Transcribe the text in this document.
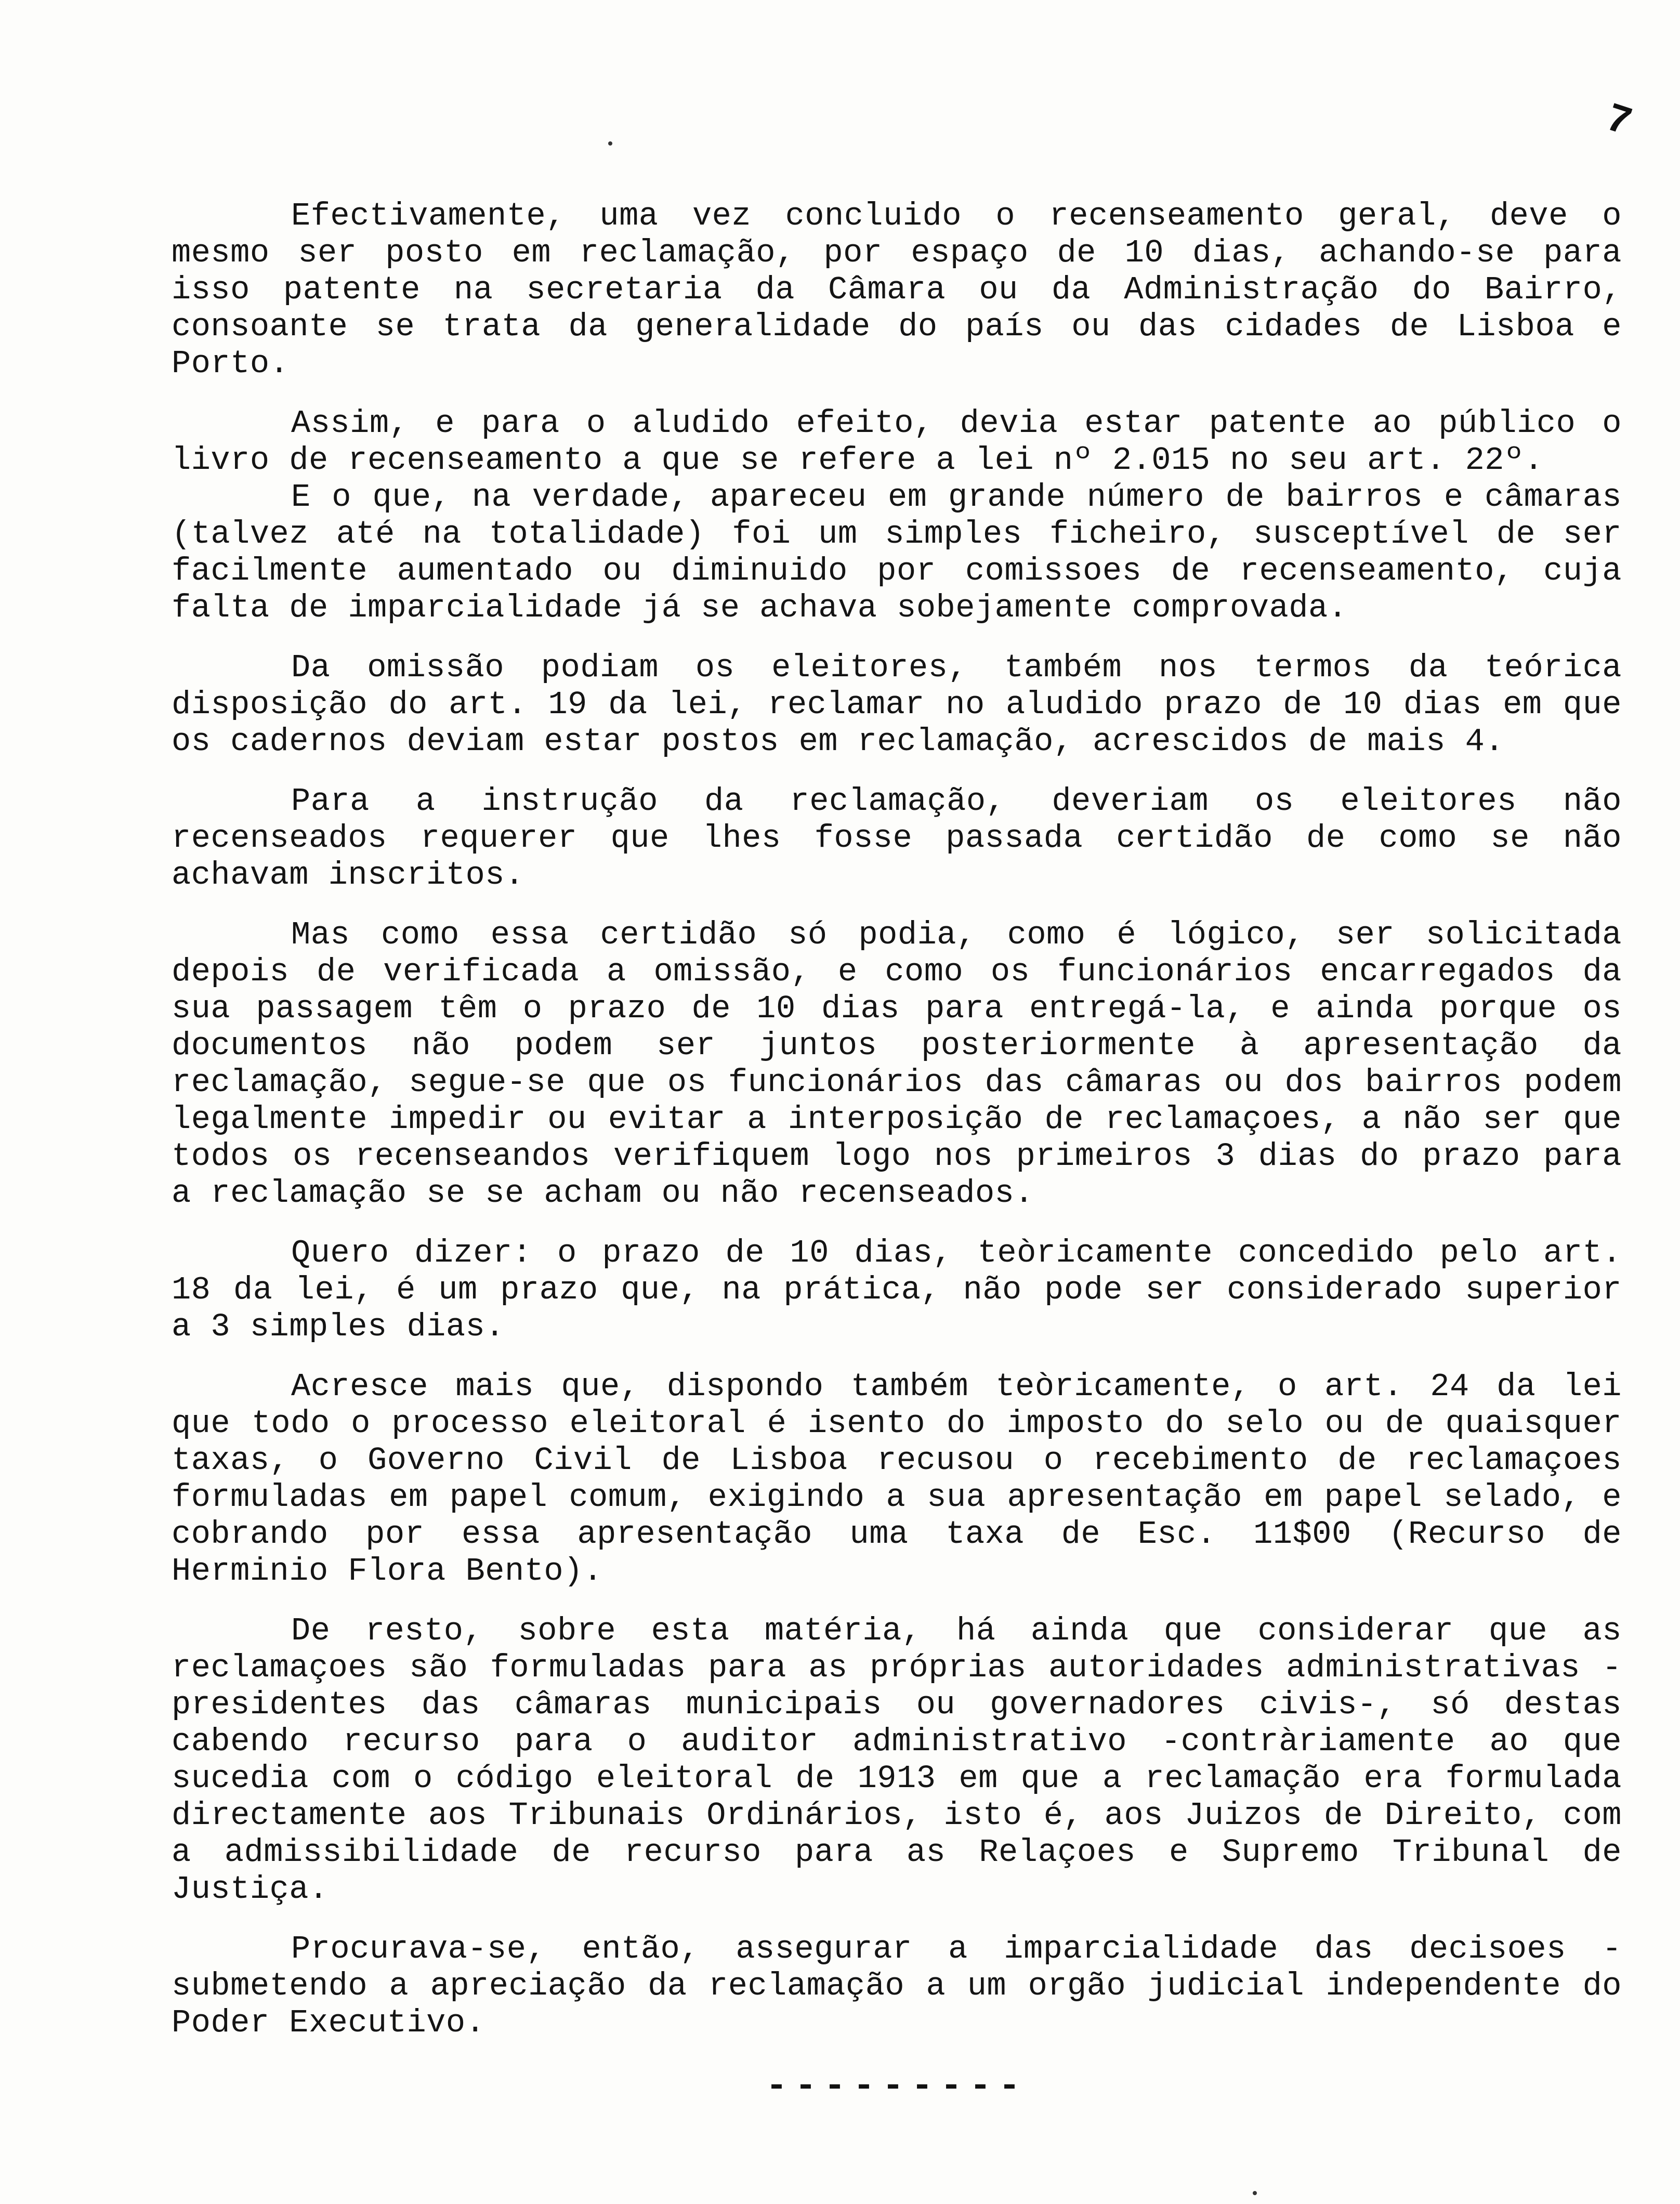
7

Efectivamente, uma vez concluido o recenseamento geral, deve o mesmo ser posto em reclamação, por espaço de 10 dias, achando-se para isso patente na secretaria da Câmara ou da Administração do Bairro, consoante se trata da generalidade do país ou das cidades de Lisboa e Porto.

Assim, e para o aludido efeito, devia estar patente ao público o livro de recenseamento a que se refere a lei nº 2.015 no seu art. 22º.

E o que, na verdade, apareceu em grande número de bairros e câmaras (talvez até na totalidade) foi um simples ficheiro, susceptível de ser facilmente aumentado ou diminuido por comissoes de recenseamento, cuja falta de imparcialidade já se achava sobejamente comprovada.

Da omissão podiam os eleitores, também nos termos da teórica disposição do art. 19 da lei, reclamar no aludido prazo de 10 dias em que os cadernos deviam estar postos em reclamação, acrescidos de mais 4.

Para a instrução da reclamação, deveriam os eleitores não recenseados requerer que lhes fosse passada certidão de como se não achavam inscritos.

Mas como essa certidão só podia, como é lógico, ser solicitada depois de verificada a omissão, e como os funcionários encarregados da sua passagem têm o prazo de 10 dias para entregá-la, e ainda porque os documentos não podem ser juntos posteriormente à apresentação da reclamação, segue-se que os funcionários das câmaras ou dos bairros podem legalmente impedir ou evitar a interposição de reclamaçoes, a não ser que todos os recenseandos verifiquem logo nos primeiros 3 dias do prazo para a reclamação se se acham ou não recenseados.

Quero dizer: o prazo de 10 dias, teòricamente concedido pelo art. 18 da lei, é um prazo que, na prática, não pode ser considerado superior a 3 simples dias.

Acresce mais que, dispondo também teòricamente, o art. 24 da lei que todo o processo eleitoral é isento do imposto do selo ou de quaisquer taxas, o Governo Civil de Lisboa recusou o recebimento de reclamaçoes formuladas em papel comum, exigindo a sua apresentação em papel selado, e cobrando por essa apresentação uma taxa de Esc. 11$00 (Recurso de Herminio Flora Bento).

De resto, sobre esta matéria, há ainda que considerar que as reclamaçoes são formuladas para as próprias autoridades administrativas -presidentes das câmaras municipais ou governadores civis-, só destas cabendo recurso para o auditor administrativo -contràriamente ao que sucedia com o código eleitoral de 1913 em que a reclamação era formulada directamente aos Tribunais Ordinários, isto é, aos Juizos de Direito, com a admissibilidade de recurso para as Relaçoes e Supremo Tribunal de Justiça.

Procurava-se, então, assegurar a imparcialidade das decisoes -submetendo a apreciação da reclamação a um orgão judicial independente do Poder Executivo.

---------
